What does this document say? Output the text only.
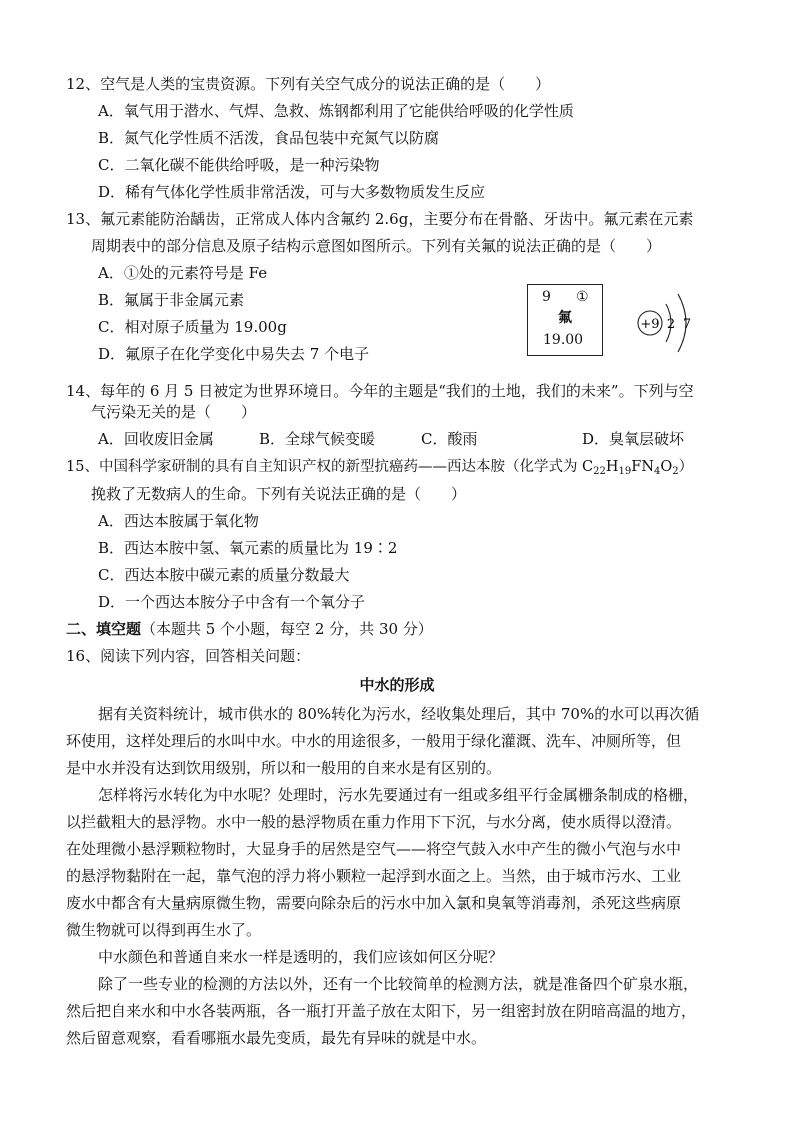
12、空气是人类的宝贵资源。下列有关空气成分的说法正确的是（　　）
A．氧气用于潜水、气焊、急救、炼钢都利用了它能供给呼吸的化学性质
B．氮气化学性质不活泼，食品包装中充氮气以防腐
C．二氧化碳不能供给呼吸，是一种污染物
D．稀有气体化学性质非常活泼，可与大多数物质发生反应
13、氟元素能防治龋齿，正常成人体内含氟约 2.6g，主要分布在骨骼、牙齿中。氟元素在元素
周期表中的部分信息及原子结构示意图如图所示。下列有关氟的说法正确的是（　　）
A．①处的元素符号是 Fe
B．氟属于非金属元素
C．相对原子质量为 19.00g
D．氟原子在化学变化中易失去 7 个电子
9 ①
氟
19.00
+9 2 7
14、每年的 6 月 5 日被定为世界环境日。今年的主题是“我们的土地，我们的未来”。下列与空
气污染无关的是（　　）
A．回收废旧金属	B．全球气候变暖	C．酸雨	D．臭氧层破坏
15、中国科学家研制的具有自主知识产权的新型抗癌药——西达本胺（化学式为 $C_{22}H_{19}FN_4O_2$）
挽救了无数病人的生命。下列有关说法正确的是（　　）
A．西达本胺属于氧化物
B．西达本胺中氢、氧元素的质量比为 19∶2
C．西达本胺中碳元素的质量分数最大
D．一个西达本胺分子中含有一个氧分子
二、填空题（本题共 5 个小题，每空 2 分，共 30 分）
16、阅读下列内容，回答相关问题：
中水的形成
据有关资料统计，城市供水的 80%转化为污水，经收集处理后，其中 70%的水可以再次循
环使用，这样处理后的水叫中水。中水的用途很多，一般用于绿化灌溉、洗车、冲厕所等，但
是中水并没有达到饮用级别，所以和一般用的自来水是有区别的。
怎样将污水转化为中水呢？处理时，污水先要通过有一组或多组平行金属栅条制成的格栅，
以拦截粗大的悬浮物。水中一般的悬浮物质在重力作用下下沉，与水分离，使水质得以澄清。
在处理微小悬浮颗粒物时，大显身手的居然是空气——将空气鼓入水中产生的微小气泡与水中
的悬浮物黏附在一起，靠气泡的浮力将小颗粒一起浮到水面之上。当然，由于城市污水、工业
废水中都含有大量病原微生物，需要向除杂后的污水中加入氯和臭氧等消毒剂，杀死这些病原
微生物就可以得到再生水了。
中水颜色和普通自来水一样是透明的，我们应该如何区分呢？
除了一些专业的检测的方法以外，还有一个比较简单的检测方法，就是准备四个矿泉水瓶，
然后把自来水和中水各装两瓶，各一瓶打开盖子放在太阳下，另一组密封放在阴暗高温的地方，
然后留意观察，看看哪瓶水最先变质，最先有异味的就是中水。
